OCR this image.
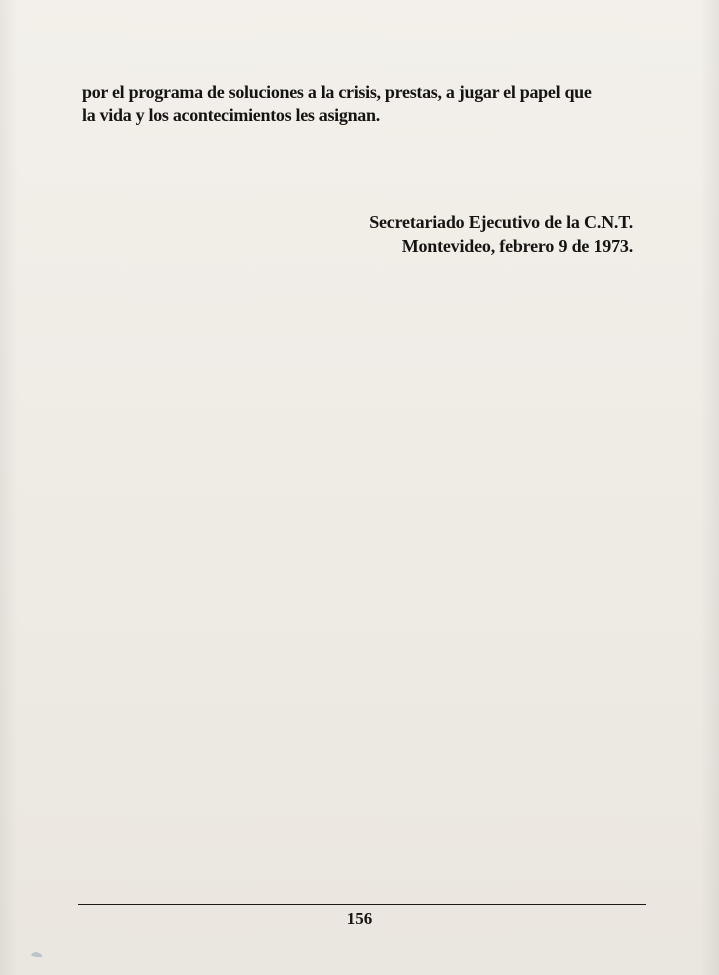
por el programa de soluciones a la crisis, prestas, a jugar el papel que
la vida y los acontecimientos les asignan.
Secretariado Ejecutivo de la C.N.T.
Montevideo, febrero 9 de 1973.
156
